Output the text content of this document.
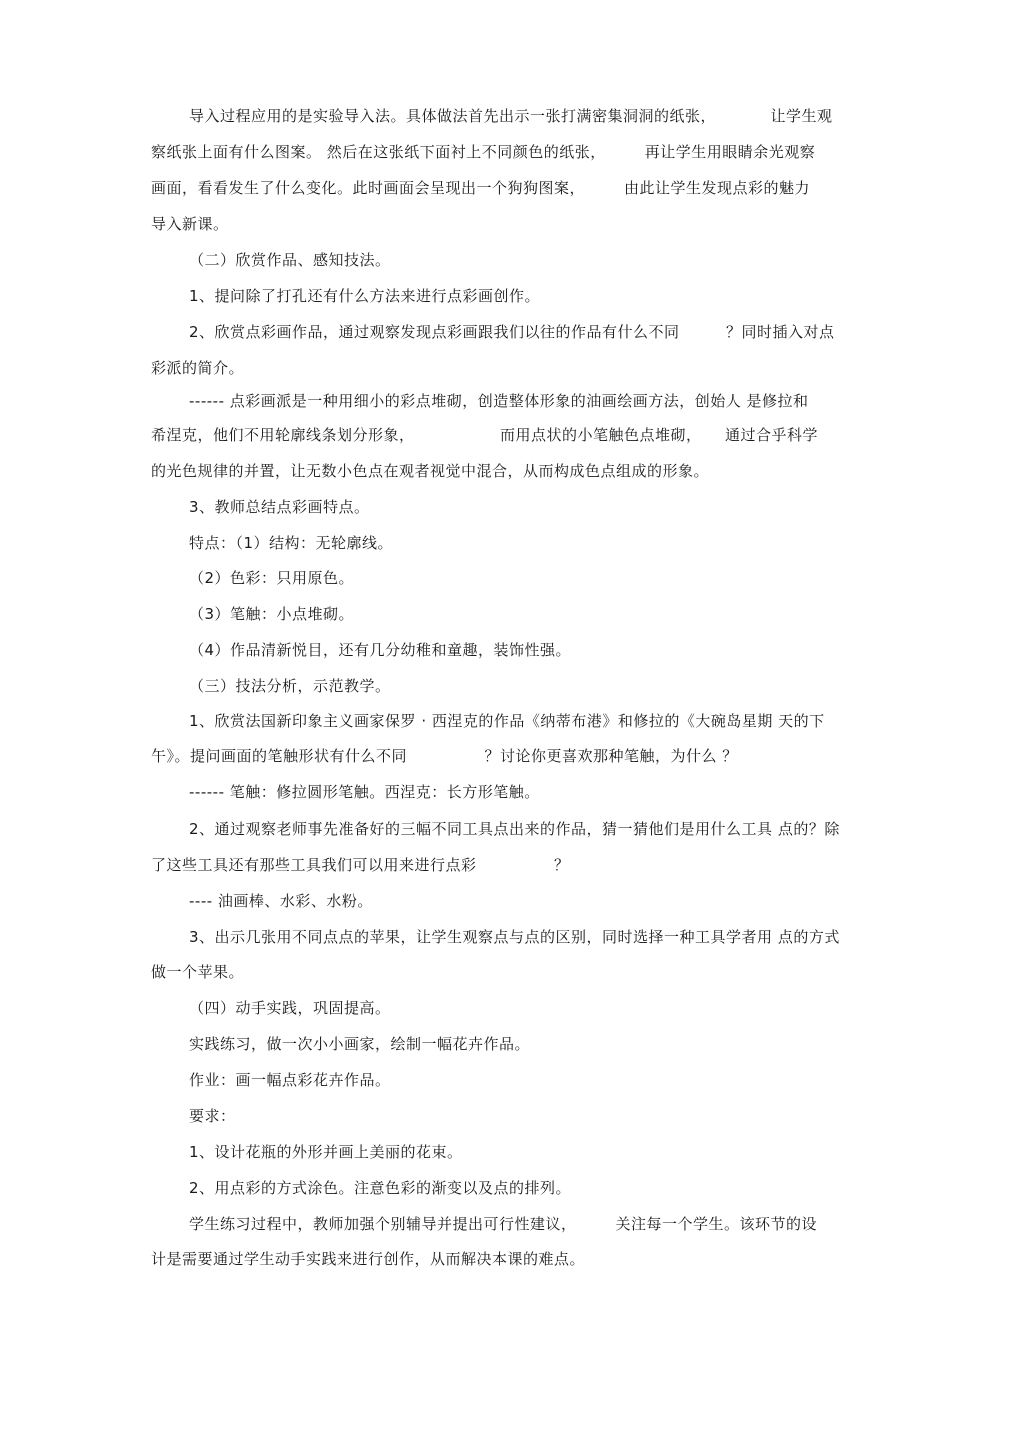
导入过程应用的是实验导入法。具体做法首先出示一张打满密集洞洞的纸张，　　　　让学生观
察纸张上面有什么图案。 然后在这张纸下面衬上不同颜色的纸张，　　　再让学生用眼睛余光观察
画面，看看发生了什么变化。此时画面会呈现出一个狗狗图案，　　　由此让学生发现点彩的魅力
导入新课。
（二）欣赏作品、感知技法。
1、提问除了打孔还有什么方法来进行点彩画创作。
2、欣赏点彩画作品，通过观察发现点彩画跟我们以往的作品有什么不同　　　？同时插入对点
彩派的简介。
------ 点彩画派是一种用细小的彩点堆砌，创造整体形象的油画绘画方法，创始人 是修拉和
希涅克，他们不用轮廓线条划分形象，　　　　　　而用点状的小笔触色点堆砌，　　通过合乎科学
的光色规律的并置，让无数小色点在观者视觉中混合，从而构成色点组成的形象。
3、教师总结点彩画特点。
特点：（1）结构：无轮廓线。
（2）色彩：只用原色。
（3）笔触：小点堆砌。
（4）作品清新悦目，还有几分幼稚和童趣，装饰性强。
（三）技法分析，示范教学。
1、欣赏法国新印象主义画家保罗 · 西涅克的作品《纳蒂布港》和修拉的《大碗岛星期 天的下
午》。提问画面的笔触形状有什么不同　　　　　？讨论你更喜欢那种笔触，为什么 ？
------ 笔触：修拉圆形笔触。西涅克：长方形笔触。
2、通过观察老师事先准备好的三幅不同工具点出来的作品，猜一猜他们是用什么工具 点的？除
了这些工具还有那些工具我们可以用来进行点彩　　　　　？
---- 油画棒、水彩、水粉。
3、出示几张用不同点点的苹果，让学生观察点与点的区别，同时选择一种工具学者用 点的方式
做一个苹果。
（四）动手实践，巩固提高。
实践练习，做一次小小画家，绘制一幅花卉作品。
作业：画一幅点彩花卉作品。
要求：
1、设计花瓶的外形并画上美丽的花束。
2、用点彩的方式涂色。注意色彩的渐变以及点的排列。
学生练习过程中，教师加强个别辅导并提出可行性建议，　　　关注每一个学生。该环节的设
计是需要通过学生动手实践来进行创作，从而解决本课的难点。
